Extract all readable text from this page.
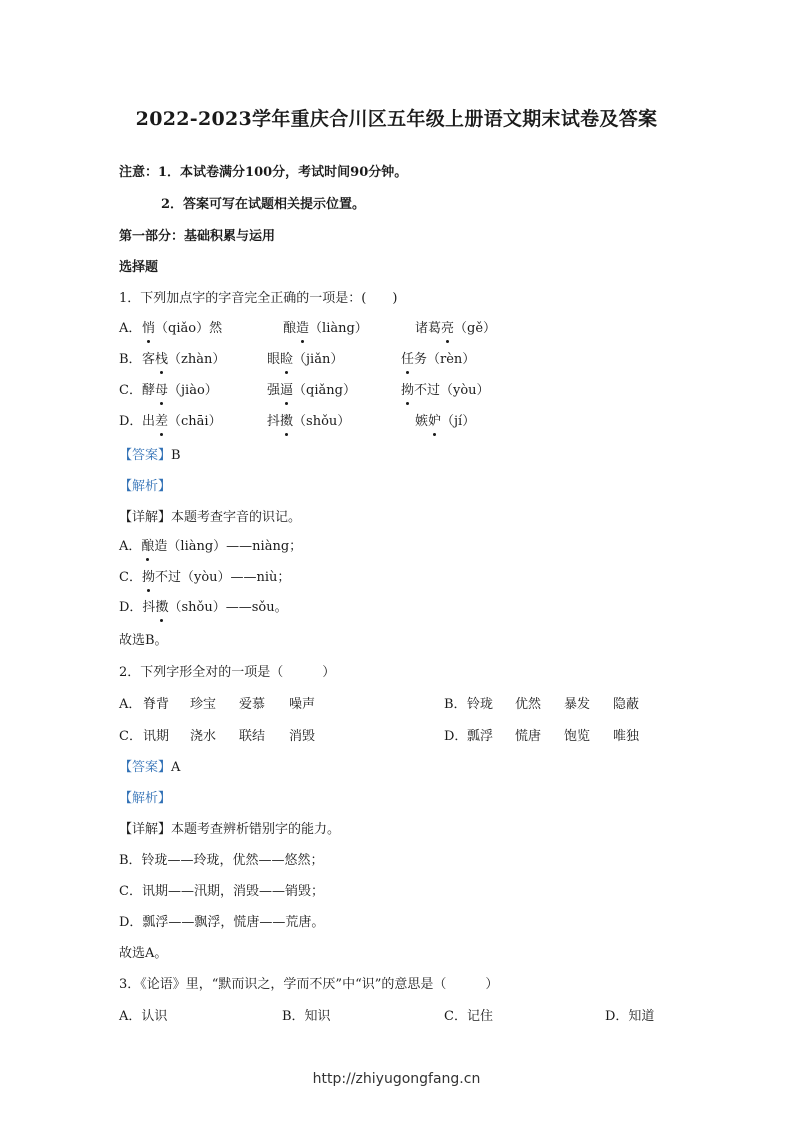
2022-2023学年重庆合川区五年级上册语文期末试卷及答案
注意：1．本试卷满分100分，考试时间90分钟。
2．答案可写在试题相关提示位置。
第一部分：基础积累与运用
选择题
1．下列加点字的字音完全正确的一项是：(　　)
A． 悄（qiǎo）然	酿造（liàng）	诸葛亮（gě）
B． 客栈（zhàn）	眼睑（jiǎn）	任务（rèn）
C． 酵母（jiào）	强逼（qiǎng）	拗不过（yòu）
D． 出差（chāi）	抖擞（shǒu）	嫉妒（jí）
【答案】B
【解析】
【详解】本题考查字音的识记。
A．酿造（liàng）——niàng；
C．拗不过（yòu）——niù；
D．抖擞（shǒu）——sǒu。
故选B。
2．下列字形全对的一项是（　　　）
A． 脊背 珍宝 爱慕 噪声	B． 铃珑 优然 暴发 隐蔽
C． 讯期 浇水 联结 消毁	D． 瓢浮 慌唐 饱览 唯独
【答案】A
【解析】
【详解】本题考查辨析错别字的能力。
B．铃珑——玲珑，优然——悠然；
C．讯期——汛期，消毁——销毁；
D．瓢浮——飘浮，慌唐——荒唐。
故选A。
3．《论语》里，“默而识之，学而不厌”中“识”的意思是（　　　）
A．认识	B．知识	C．记住	D．知道
http://zhiyugongfang.cn
